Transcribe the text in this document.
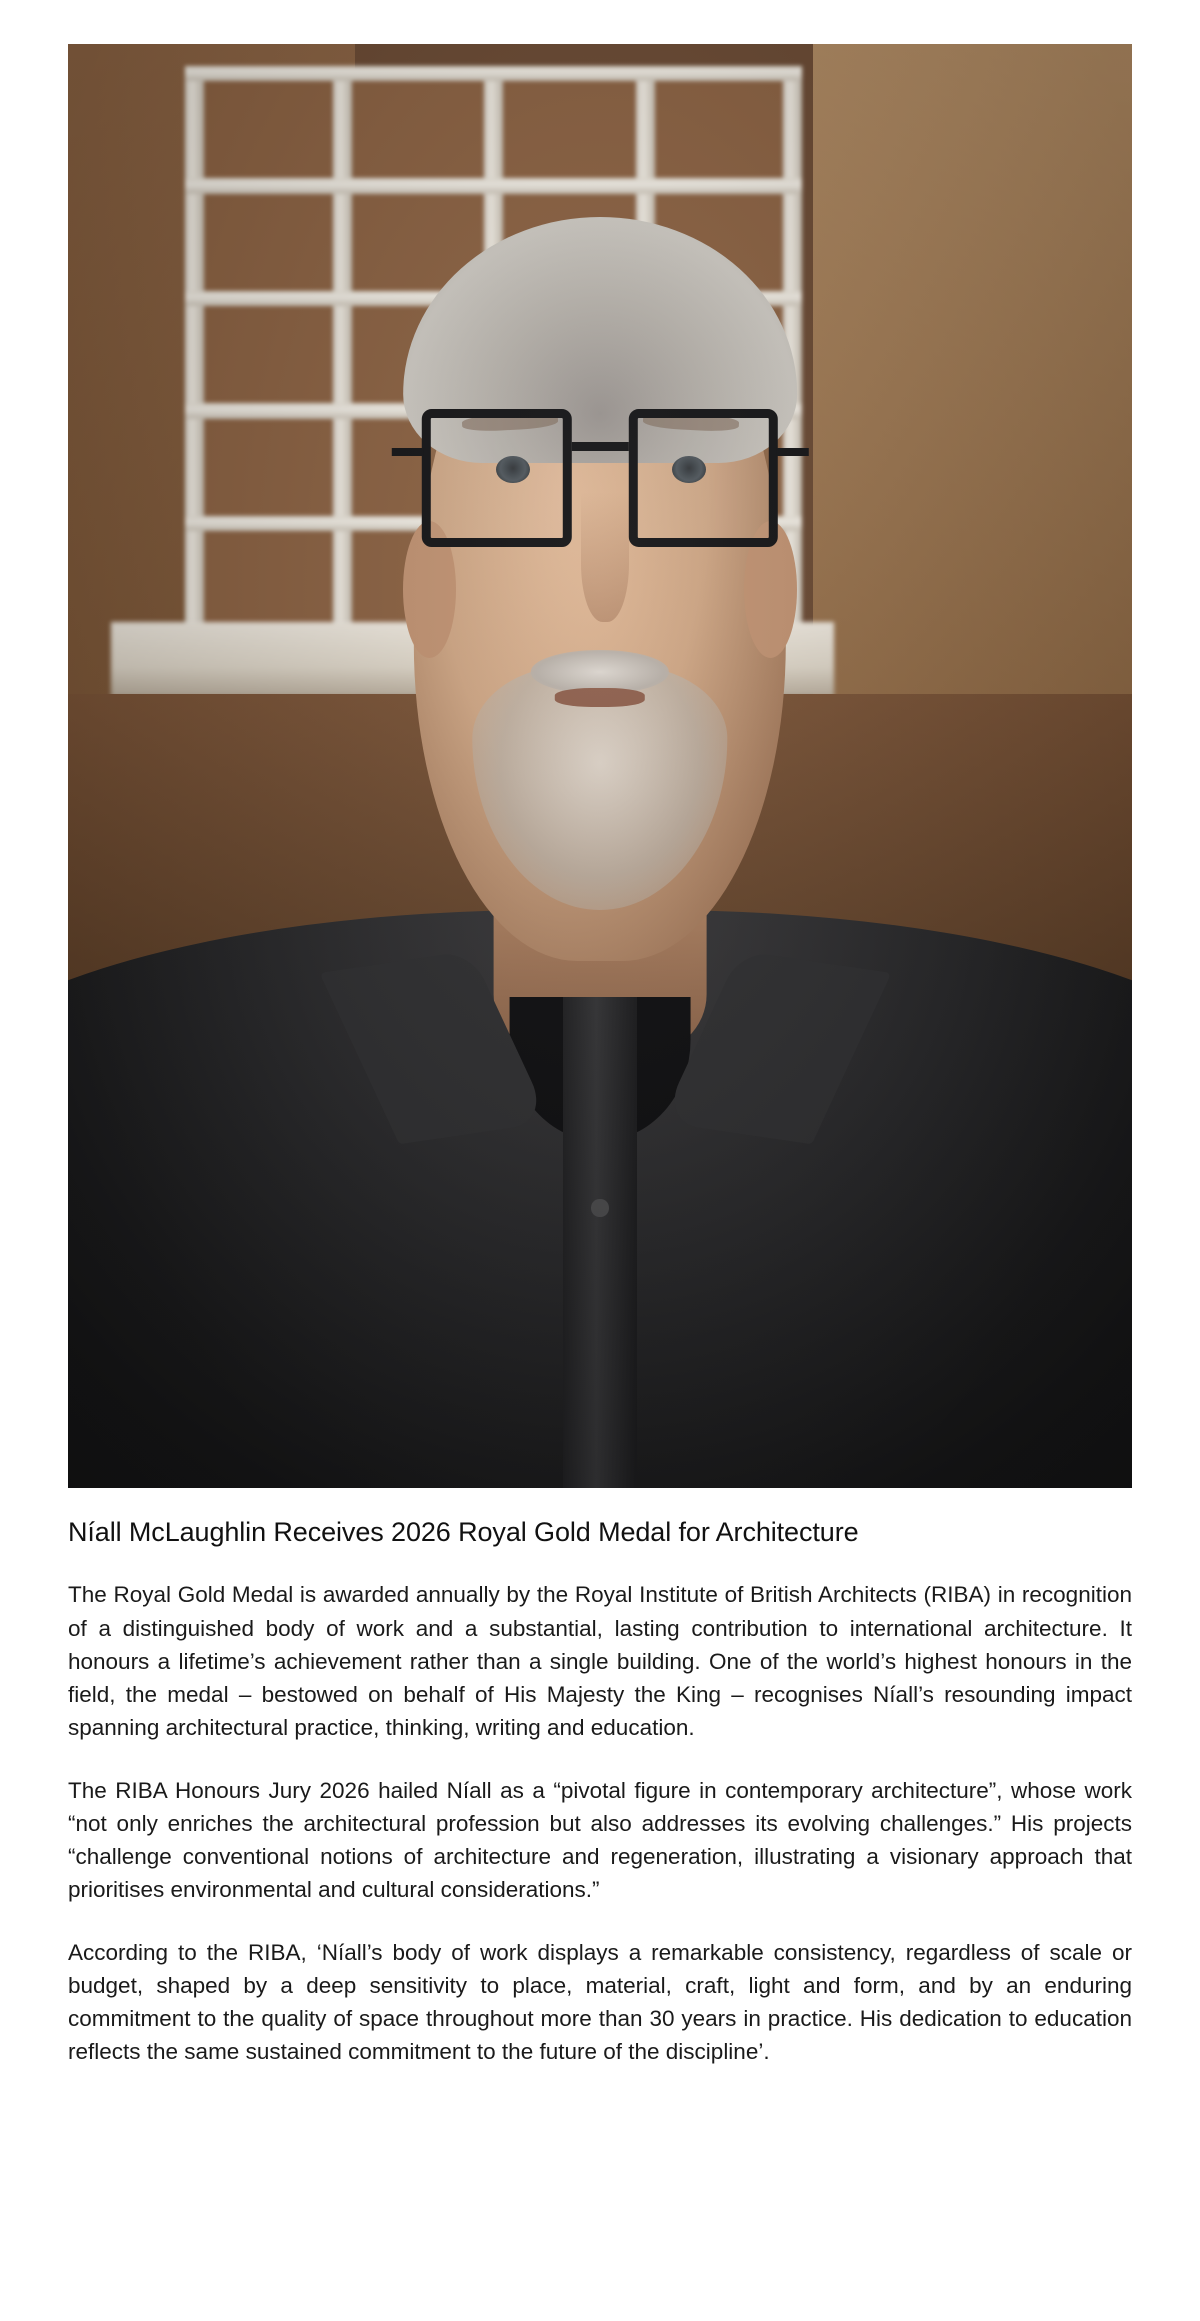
Níall McLaughlin Receives 2026 Royal Gold Medal for Architecture

The Royal Gold Medal is awarded annually by the Royal Institute of British Architects (RIBA) in recognition of a distinguished body of work and a substantial, lasting contribution to international architecture. It honours a lifetime’s achievement rather than a single building. One of the world’s highest honours in the field, the medal – bestowed on behalf of His Majesty the King – recognises Níall’s resounding impact spanning architectural practice, thinking, writing and education.

The RIBA Honours Jury 2026 hailed Níall as a “pivotal figure in contemporary architecture”, whose work “not only enriches the architectural profession but also addresses its evolving challenges.” His projects “challenge conventional notions of architecture and regeneration, illustrating a visionary approach that prioritises environmental and cultural considerations.”

According to the RIBA, ‘Níall’s body of work displays a remarkable consistency, regardless of scale or budget, shaped by a deep sensitivity to place, material, craft, light and form, and by an enduring commitment to the quality of space throughout more than 30 years in practice. His dedication to education reflects the same sustained commitment to the future of the discipline’.
